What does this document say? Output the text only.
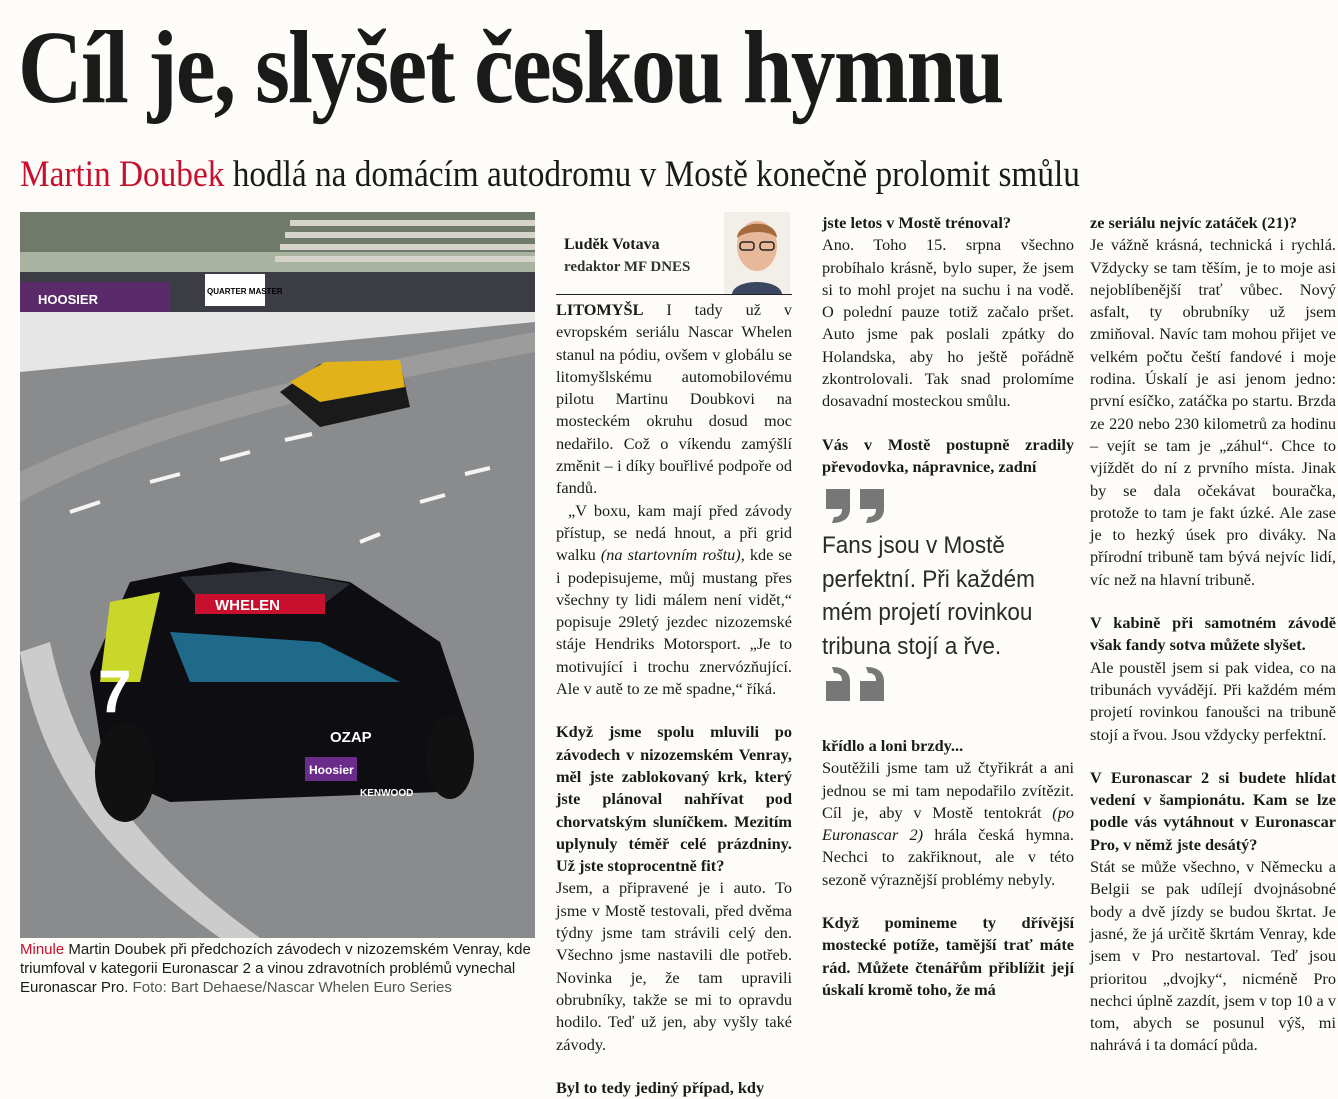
Cíl je, slyšet českou hymnu
Martin Doubek hodlá na domácím autodromu v Mostě konečně prolomit smůlu
HOOSIER
QUARTER MASTER
WHELEN
7
OZAP
Hoosier
KENWOOD
Minule Martin Doubek při předchozích závodech v nizozemském Venray, kde triumfoval v kategorii Euronascar 2 a vinou zdravotních problémů vynechal Euronascar Pro. Foto: Bart Dehaese/Nascar Whelen Euro Series
Luděk Votava
redaktor MF DNES

LITOMYŠL I tady už v evropském seriálu Nascar Whelen stanul na pódiu, ovšem v globálu se litomyšlskému automobilovému pilotu Martinu Doubkovi na mosteckém okruhu dosud moc nedařilo. Což o víkendu zamýšlí změnit – i díky bouřlivé podpoře od fandů.

„V boxu, kam mají před závody přístup, se nedá hnout, a při grid walku (na startovním roštu), kde se i podepisujeme, můj mustang přes všechny ty lidi málem není vidět,“ popisuje 29letý jezdec nizozemské stáje Hendriks Motorsport. „Je to motivující i trochu znervózňující. Ale v autě to ze mě spadne,“ říká.

Když jsme spolu mluvili po závodech v nizozemském Venray, měl jste zablokovaný krk, který jste plánoval nahřívat pod chorvatským sluníčkem. Mezitím uplynuly téměř celé prázdniny. Už jste stoprocentně fit?

Jsem, a připravené je i auto. To jsme v Mostě testovali, před dvěma týdny jsme tam strávili celý den. Všechno jsme nastavili dle potřeb. Novinka je, že tam upravili obrubníky, takže se mi to opravdu hodilo. Teď už jen, aby vyšly také závody.

Byl to tedy jediný případ, kdy

jste letos v Mostě trénoval?

Ano. Toho 15. srpna všechno probíhalo krásně, bylo super, že jsem si to mohl projet na suchu i na vodě. O polední pauze totiž začalo pršet. Auto jsme pak poslali zpátky do Holandska, aby ho ještě pořádně zkontrolovali. Tak snad prolomíme dosavadní mosteckou smůlu.

Vás v Mostě postupně zradily převodovka, nápravnice, zadní

Fans jsou v Mostě
perfektní. Při každém
mém projetí rovinkou
tribuna stojí a řve.

křídlo a loni brzdy...

Soutěžili jsme tam už čtyřikrát a ani jednou se mi tam nepodařilo zvítězit. Cíl je, aby v Mostě tentokrát (po Euronascar 2) hrála česká hymna. Nechci to zakřiknout, ale v této sezoně výraznější problémy nebyly.

Když pomineme ty dřívější mostecké potíže, tamější trať máte rád. Můžete čtenářům přiblížit její úskalí kromě toho, že má

ze seriálu nejvíc zatáček (21)?

Je vážně krásná, technická i rychlá. Vždycky se tam těším, je to moje asi nejoblíbenější trať vůbec. Nový asfalt, ty obrubníky už jsem zmiňoval. Navíc tam mohou přijet ve velkém počtu čeští fandové i moje rodina. Úskalí je asi jenom jedno: první esíčko, zatáčka po startu. Brzda ze 220 nebo 230 kilometrů za hodinu – vejít se tam je „záhul“. Chce to vjíždět do ní z prvního místa. Jinak by se dala očekávat bouračka, protože to tam je fakt úzké. Ale zase je to hezký úsek pro diváky. Na přírodní tribuně tam bývá nejvíc lidí, víc než na hlavní tribuně.

V kabině při samotném závodě však fandy sotva můžete slyšet.

Ale poustěl jsem si pak videa, co na tribunách vyvádějí. Při každém mém projetí rovinkou fanoušci na tribuně stojí a řvou. Jsou vždycky perfektní.

V Euronascar 2 si budete hlídat vedení v šampionátu. Kam se lze podle vás vytáhnout v Euronascar Pro, v němž jste desátý?

Stát se může všechno, v Německu a Belgii se pak udílejí dvojnásobné body a dvě jízdy se budou škrtat. Je jasné, že já určitě škrtám Venray, kde jsem v Pro nestartoval. Teď jsou prioritou „dvojky“, nicméně Pro nechci úplně zazdít, jsem v top 10 a v tom, abych se posunul výš, mi nahrává i ta domácí půda.
